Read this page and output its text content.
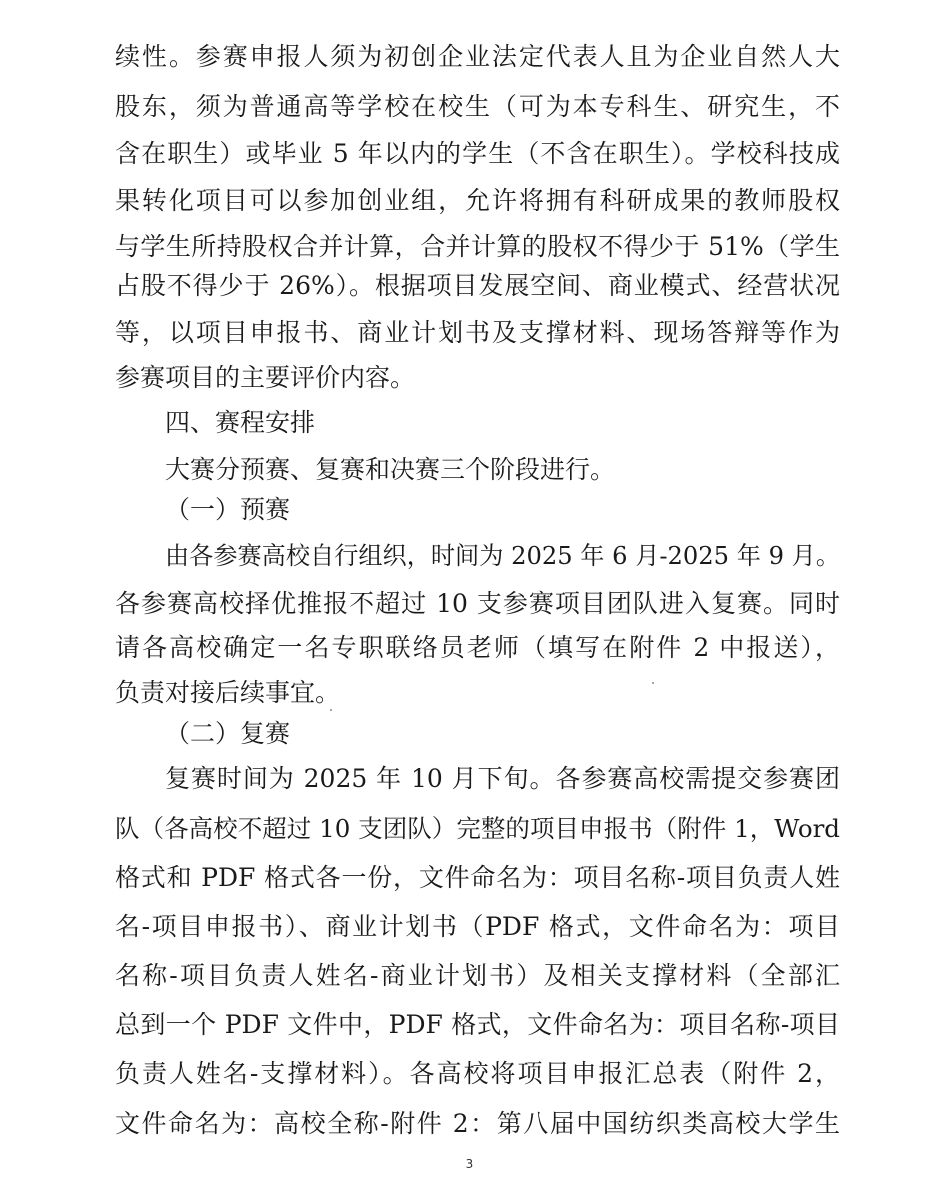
续性。参赛申报人须为初创企业法定代表人且为企业自然人大
股东，须为普通高等学校在校生（可为本专科生、研究生，不
含在职生）或毕业 5 年以内的学生（不含在职生）。学校科技成
果转化项目可以参加创业组，允许将拥有科研成果的教师股权
与学生所持股权合并计算，合并计算的股权不得少于 51%（学生
占股不得少于 26%）。根据项目发展空间、商业模式、经营状况
等，以项目申报书、商业计划书及支撑材料、现场答辩等作为
参赛项目的主要评价内容。
四、赛程安排
大赛分预赛、复赛和决赛三个阶段进行。
（一）预赛
由各参赛高校自行组织，时间为 2025 年 6 月-2025 年 9 月。
各参赛高校择优推报不超过 10 支参赛项目团队进入复赛。同时
请各高校确定一名专职联络员老师（填写在附件 2 中报送），
负责对接后续事宜。
（二）复赛
复赛时间为 2025 年 10 月下旬。各参赛高校需提交参赛团
队（各高校不超过 10 支团队）完整的项目申报书（附件 1，Word
格式和 PDF 格式各一份，文件命名为：项目名称-项目负责人姓
名-项目申报书）、商业计划书（PDF 格式，文件命名为：项目
名称-项目负责人姓名-商业计划书）及相关支撑材料（全部汇
总到一个 PDF 文件中，PDF 格式，文件命名为：项目名称-项目
负责人姓名-支撑材料）。各高校将项目申报汇总表（附件 2，
文件命名为：高校全称-附件 2：第八届中国纺织类高校大学生
3
